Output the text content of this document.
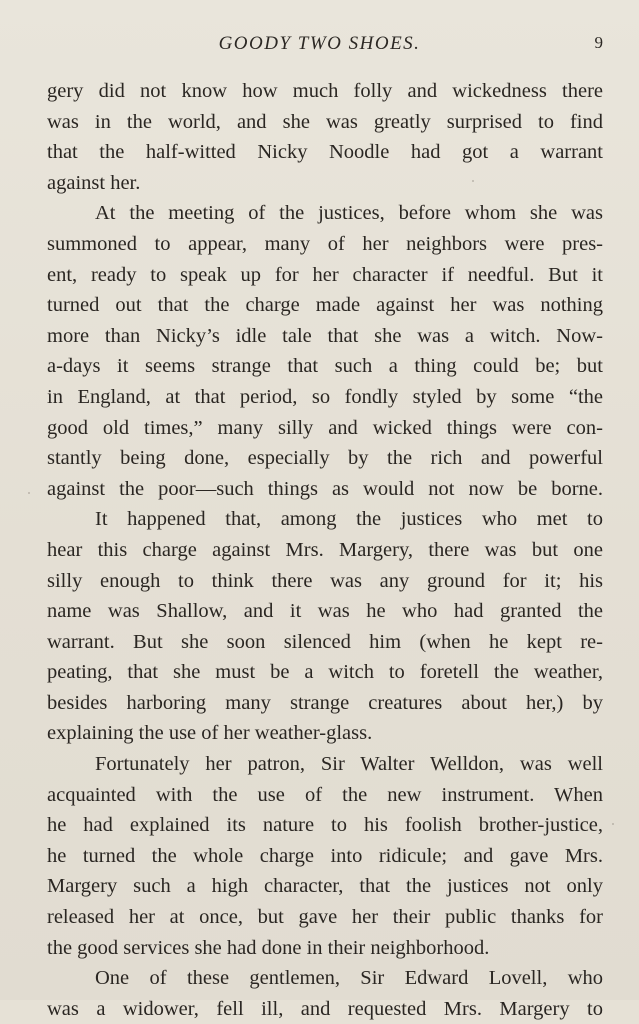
GOODY TWO SHOES.	9
gery did not know how much folly and wickedness there
was in the world, and she was greatly surprised to find
that the half-witted Nicky Noodle had got a warrant
against her.
At the meeting of the justices, before whom she was
summoned to appear, many of her neighbors were pres-
ent, ready to speak up for her character if needful. But it
turned out that the charge made against her was nothing
more than Nicky’s idle tale that she was a witch. Now-
a-days it seems strange that such a thing could be; but
in England, at that period, so fondly styled by some “the
good old times,” many silly and wicked things were con-
stantly being done, especially by the rich and powerful
against the poor—such things as would not now be borne.
It happened that, among the justices who met to
hear this charge against Mrs. Margery, there was but one
silly enough to think there was any ground for it; his
name was Shallow, and it was he who had granted the
warrant. But she soon silenced him (when he kept re-
peating, that she must be a witch to foretell the weather,
besides harboring many strange creatures about her,) by
explaining the use of her weather-glass.
Fortunately her patron, Sir Walter Welldon, was well
acquainted with the use of the new instrument. When
he had explained its nature to his foolish brother-justice,
he turned the whole charge into ridicule; and gave Mrs.
Margery such a high character, that the justices not only
released her at once, but gave her their public thanks for
the good services she had done in their neighborhood.
One of these gentlemen, Sir Edward Lovell, who
was a widower, fell ill, and requested Mrs. Margery to
